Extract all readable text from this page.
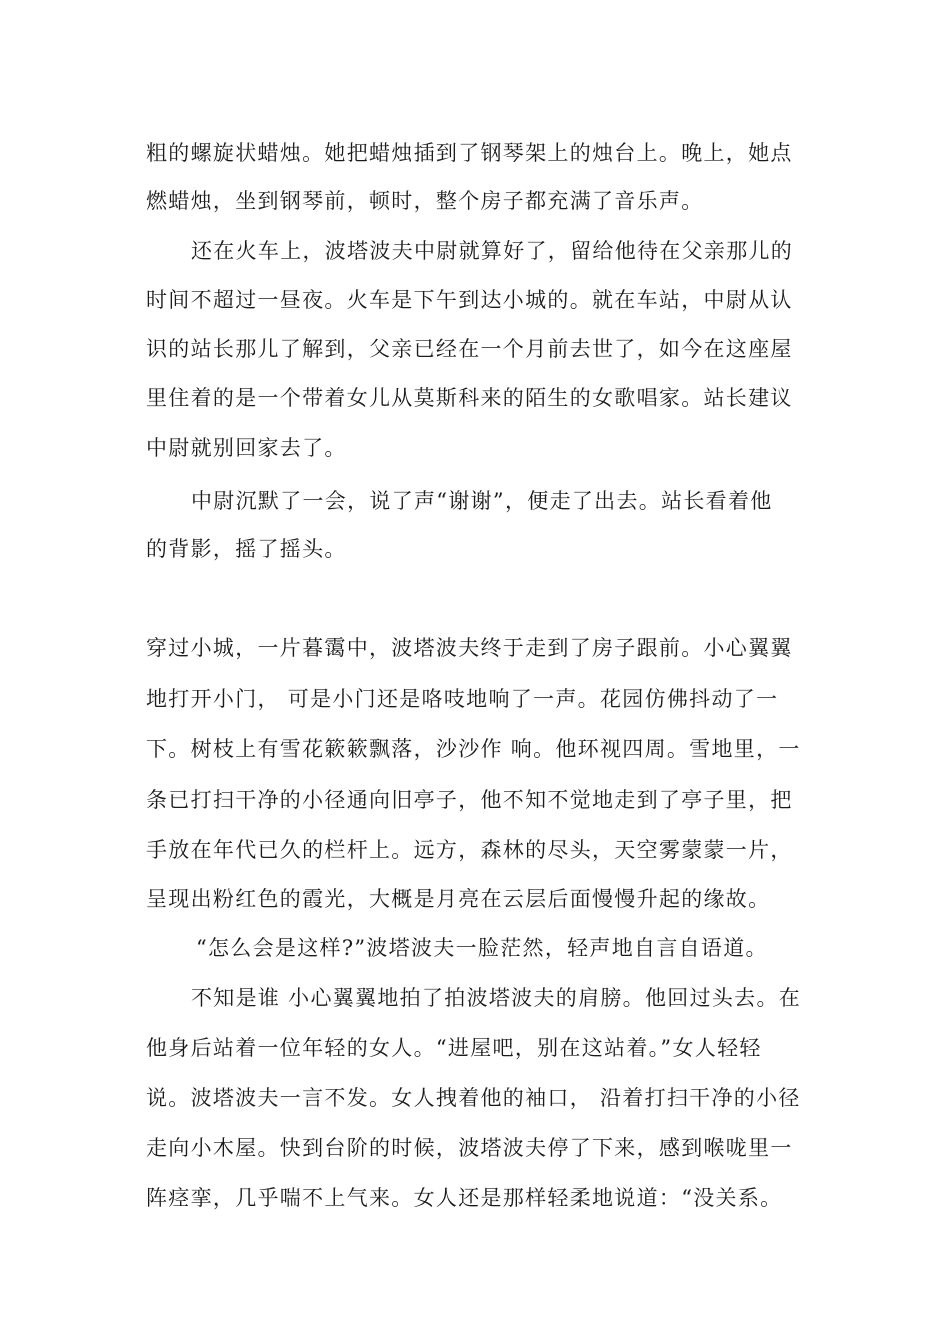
粗的螺旋状蜡烛。她把蜡烛插到了钢琴架上的烛台上。晚上，她点
燃蜡烛，坐到钢琴前，顿时，整个房子都充满了音乐声。
还在火车上，波塔波夫中尉就算好了，留给他待在父亲那儿的
时间不超过一昼夜。火车是下午到达小城的。就在车站，中尉从认
识的站长那儿了解到，父亲已经在一个月前去世了，如今在这座屋
里住着的是一个带着女儿从莫斯科来的陌生的女歌唱家。站长建议
中尉就别回家去了。
中尉沉默了一会，说了声“谢谢”，便走了出去。站长看着他
的背影，摇了摇头。
穿过小城，一片暮霭中，波塔波夫终于走到了房子跟前。小心翼翼
地打开小门， 可是小门还是咯吱地响了一声。花园仿佛抖动了一
下。树枝上有雪花簌簌飘落，沙沙作 响。他环视四周。雪地里，一
条已打扫干净的小径通向旧亭子，他不知不觉地走到了亭子里，把
手放在年代已久的栏杆上。远方，森林的尽头，天空雾蒙蒙一片，
呈现出粉红色的霞光，大概是月亮在云层后面慢慢升起的缘故。
“怎么会是这样?”波塔波夫一脸茫然，轻声地自言自语道。
不知是谁 小心翼翼地拍了拍波塔波夫的肩膀。他回过头去。在
他身后站着一位年轻的女人。“进屋吧，别在这站着。”女人轻轻
说。波塔波夫一言不发。女人拽着他的袖口， 沿着打扫干净的小径
走向小木屋。快到台阶的时候，波塔波夫停了下来，感到喉咙里一
阵痉挛，几乎喘不上气来。女人还是那样轻柔地说道：“没关系。
